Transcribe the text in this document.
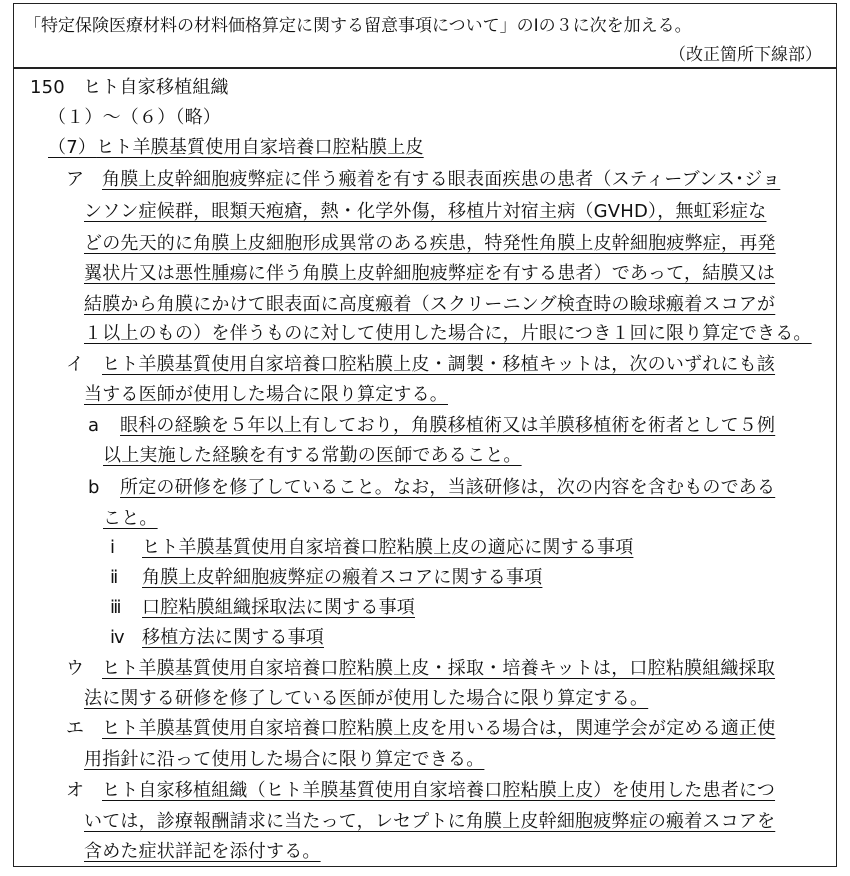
「特定保険医療材料の材料価格算定に関する留意事項について」のⅠの３に次を加える。
（改正箇所下線部）
150　ヒト自家移植組織
（１）～（６）（略）
（7）ヒト羊膜基質使用自家培養口腔粘膜上皮
ア 角膜上皮幹細胞疲弊症に伴う瘢着を有する眼表面疾患の患者（スティーブンス･ジョ
ンソン症候群，眼類天疱瘡，熱・化学外傷，移植片対宿主病（GVHD），無虹彩症な
どの先天的に角膜上皮細胞形成異常のある疾患，特発性角膜上皮幹細胞疲弊症，再発
翼状片又は悪性腫瘍に伴う角膜上皮幹細胞疲弊症を有する患者）であって，結膜又は
結膜から角膜にかけて眼表面に高度瘢着（スクリーニング検査時の瞼球瘢着スコアが
１以上のもの）を伴うものに対して使用した場合に，片眼につき１回に限り算定できる。
イ ヒト羊膜基質使用自家培養口腔粘膜上皮・調製・移植キットは，次のいずれにも該
当する医師が使用した場合に限り算定する。
a 眼科の経験を５年以上有しており，角膜移植術又は羊膜移植術を術者として５例
以上実施した経験を有する常勤の医師であること。
b 所定の研修を修了していること。なお，当該研修は，次の内容を含むものである
こと。
ⅰ ヒト羊膜基質使用自家培養口腔粘膜上皮の適応に関する事項
ⅱ 角膜上皮幹細胞疲弊症の瘢着スコアに関する事項
ⅲ 口腔粘膜組織採取法に関する事項
ⅳ 移植方法に関する事項
ウ ヒト羊膜基質使用自家培養口腔粘膜上皮・採取・培養キットは，口腔粘膜組織採取
法に関する研修を修了している医師が使用した場合に限り算定する。
エ ヒト羊膜基質使用自家培養口腔粘膜上皮を用いる場合は，関連学会が定める適正使
用指針に沿って使用した場合に限り算定できる。
オ ヒト自家移植組織（ヒト羊膜基質使用自家培養口腔粘膜上皮）を使用した患者につ
いては，診療報酬請求に当たって，レセプトに角膜上皮幹細胞疲弊症の瘢着スコアを
含めた症状詳記を添付する。
